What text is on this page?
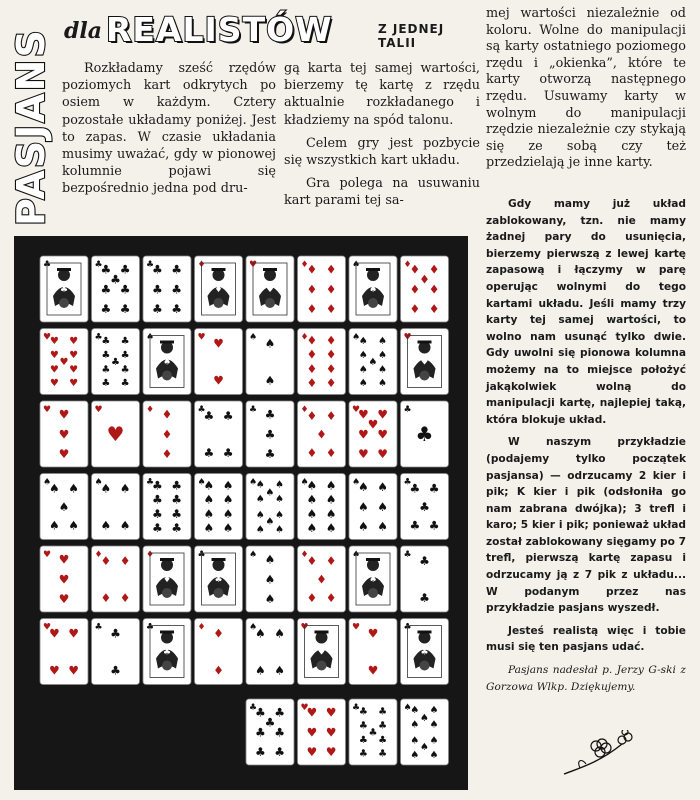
PASJANS dla REALISTÓW	Z JEDNEJ TALII

Rozkładamy sześć rzędów poziomych kart odkrytych po osiem w każdym. Cztery pozostałe układamy poniżej. Jest to zapas. W czasie układania musimy uważać, gdy w pionowej kolumnie pojawi się bezpośrednio jedna pod dru-

gą karta tej samej wartości, bierzemy tę kartę z rzędu aktualnie rozkładanego i kładziemy na spód talonu.

Celem gry jest pozbycie się wszystkich kart układu.

Gra polega na usuwaniu kart parami tej sa-

mej wartości niezależnie od koloru. Wolne do manipulacji są karty ostatniego poziomego rzędu i „okienka”, które te karty otworzą następnego rzędu. Usuwamy karty w wolnym do manipulacji rzędzie niezależnie czy stykają się ze sobą czy też przedzielają je inne karty.

Gdy mamy już układ zablokowany, tzn. nie mamy żadnej pary do usunięcia, bierzemy pierwszą z lewej kartę zapasową i łączymy w parę operując wolnymi do tego kartami układu. Jeśli mamy trzy karty tej samej wartości, to wolno nam usunąć tylko dwie. Gdy uwolni się pionowa kolumna możemy na to miejsce położyć jakąkolwiek wolną do manipulacji kartę, najlepiej taką, która blokuje układ.

W naszym przykładzie (podajemy tylko początek pasjansa) — odrzucamy 2 kier i pik; K kier i pik (odsłoniła go nam zabrana dwójka); 3 trefl i karo; 5 kier i pik; ponieważ układ został zablokowany sięgamy po 7 trefl, pierwszą kartę zapasu i odrzucamy ją z 7 pik z układu... W podanym przez nas przykładzie pasjans wyszedł.

Jesteś realistą więc i tobie musi się ten pasjans udać.

Pasjans nadesłał p. Jerzy G-ski z Gorzowa Wlkp. Dziękujemy.

♣
♣
♣
♣ ♣
♣
♣ ♣
♣ ♣
♣
♣ ♣
♣ ♣
♣ ♣
♦
♦
♥
♥
♦
♦ ♦
♦ ♦
♦ ♦
♠
♠
♦
♦ ♦
♦
♦ ♦
♦ ♦
♥
♥ ♥
♥ ♥
♥
♥ ♥
♥ ♥
♣
♣ ♣
♣ ♣
♣
♣ ♣
♣ ♣
♠
♠
♥ ♥
♥
♠ ♠
♠
♦
♦ ♦
♦ ♦
♦ ♦
♦ ♦
♠
♠ ♠
♠ ♠
♠
♠ ♠
♠ ♠
♥
♥
♥ ♥
♥
♥
♥
♥
♦ ♦
♦
♦
♣
♣ ♣
♣ ♣
♣ ♣
♣
♣
♦
♦ ♦
♦
♦ ♦
♥
♥ ♥
♥
♥ ♥
♥ ♥
♣
♣
♠
♠ ♠
♠
♠ ♠
♠
♠ ♠
♠ ♠
♣
♣ ♣
♣ ♣
♣ ♣
♣ ♣
♠
♠ ♠
♠ ♠
♠ ♠
♠ ♠
♠
♠ ♠
♠
♠ ♠
♠ ♠
♠
♠ ♠
♠
♠ ♠
♠ ♠
♠ ♠
♠ ♠
♠
♠ ♠
♠ ♠
♠ ♠
♣
♣ ♣
♣
♣ ♣
♥ ♥
♥
♥
♦
♦ ♦
♦ ♦
♦
♦
♣
♣
♠ ♠
♠
♠
♦
♦ ♦
♦
♦ ♦
♠
♠
♣ ♣
♣
♥
♥ ♥
♥ ♥
♣ ♣
♣
♣
♣
♦ ♦
♦
♠
♠ ♠
♠ ♠
♥
♥
♥ ♥
♥
♣
♣
♣
♣ ♣
♣
♣ ♣
♣ ♣
♥
♥ ♥
♥ ♥
♥ ♥
♣
♣ ♣
♣ ♣
♣
♣ ♣
♣ ♣
♠
♠ ♠
♠
♠ ♠
♠ ♠
♠
♠ ♠
